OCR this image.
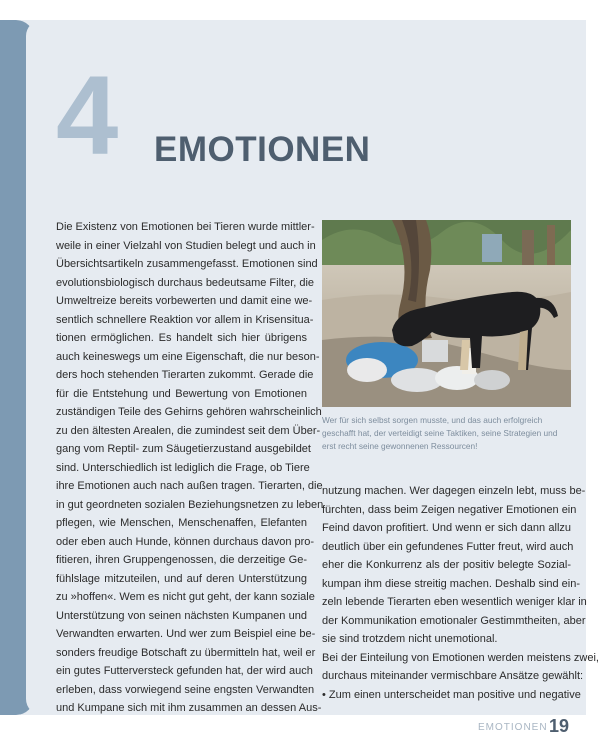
4	EMOTIONEN
Die Existenz von Emotionen bei Tieren wurde mittler-
weile in einer Vielzahl von Studien belegt und auch in
Übersichtsartikeln zusammengefasst. Emotionen sind
evolutionsbiologisch durchaus bedeutsame Filter, die
Umweltreize bereits vorbewerten und damit eine we-
sentlich schnellere Reaktion vor allem in Krisensitua-
tionen ermöglichen. Es handelt sich hier übrigens
auch keineswegs um eine Eigenschaft, die nur beson-
ders hoch stehenden Tierarten zukommt. Gerade die
für die Entstehung und Bewertung von Emotionen
zuständigen Teile des Gehirns gehören wahrscheinlich
zu den ältesten Arealen, die zumindest seit dem Über-
gang vom Reptil- zum Säugetierzustand ausgebildet
sind. Unterschiedlich ist lediglich die Frage, ob Tiere
ihre Emotionen auch nach außen tragen. Tierarten, die
in gut geordneten sozialen Beziehungsnetzen zu leben
pflegen, wie Menschen, Menschenaffen, Elefanten
oder eben auch Hunde, können durchaus davon pro-
fitieren, ihren Gruppengenossen, die derzeitige Ge-
fühlslage mitzuteilen, und auf deren Unterstützung
zu »hoffen«. Wem es nicht gut geht, der kann soziale
Unterstützung von seinen nächsten Kumpanen und
Verwandten erwarten. Und wer zum Beispiel eine be-
sonders freudige Botschaft zu übermitteln hat, weil er
ein gutes Futterversteck gefunden hat, der wird auch
erleben, dass vorwiegend seine engsten Verwandten
und Kumpane sich mit ihm zusammen an dessen Aus-
Wer für sich selbst sorgen musste, und das auch erfolgreich
geschafft hat, der verteidigt seine Taktiken, seine Strategien und
erst recht seine gewonnenen Ressourcen!
nutzung machen. Wer dagegen einzeln lebt, muss be-
fürchten, dass beim Zeigen negativer Emotionen ein
Feind davon profitiert. Und wenn er sich dann allzu
deutlich über ein gefundenes Futter freut, wird auch
eher die Konkurrenz als der positiv belegte Sozial-
kumpan ihm diese streitig machen. Deshalb sind ein-
zeln lebende Tierarten eben wesentlich weniger klar in
der Kommunikation emotionaler Gestimmtheiten, aber
sie sind trotzdem nicht unemotional.
Bei der Einteilung von Emotionen werden meistens zwei,
durchaus miteinander vermischbare Ansätze gewählt:
• Zum einen unterscheidet man positive und negative
EMOTIONEN 19
